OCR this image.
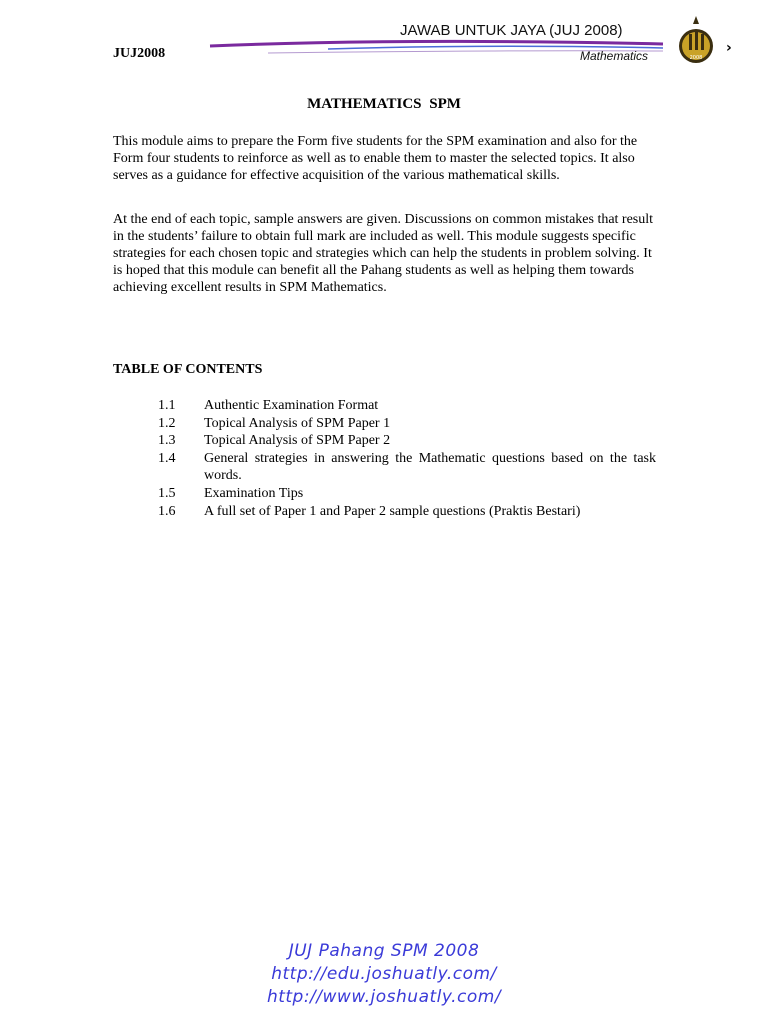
JUJ2008
JAWAB UNTUK JAYA (JUJ 2008)
Mathematics	2008
›
MATHEMATICS SPM
This module aims to prepare the Form five students for the SPM examination and also for the Form four students to reinforce as well as to enable them to master the selected topics. It also serves as a guidance for effective acquisition of the various mathematical skills.
At the end of each topic, sample answers are given. Discussions on common mistakes that result in the students’ failure to obtain full mark are included as well. This module suggests specific strategies for each chosen topic and strategies which can help the students in problem solving. It is hoped that this module can benefit all the Pahang students as well as helping them towards achieving excellent results in SPM Mathematics.
TABLE OF CONTENTS
1.1	Authentic Examination Format
1.2	Topical Analysis of SPM Paper 1
1.3	Topical Analysis of SPM Paper 2
1.4	General strategies in answering the Mathematic questions based on the task words.
1.5	Examination Tips
1.6	A full set of Paper 1 and Paper 2 sample questions (Praktis Bestari)
JUJ Pahang SPM 2008
http://edu.joshuatly.com/
http://www.joshuatly.com/
